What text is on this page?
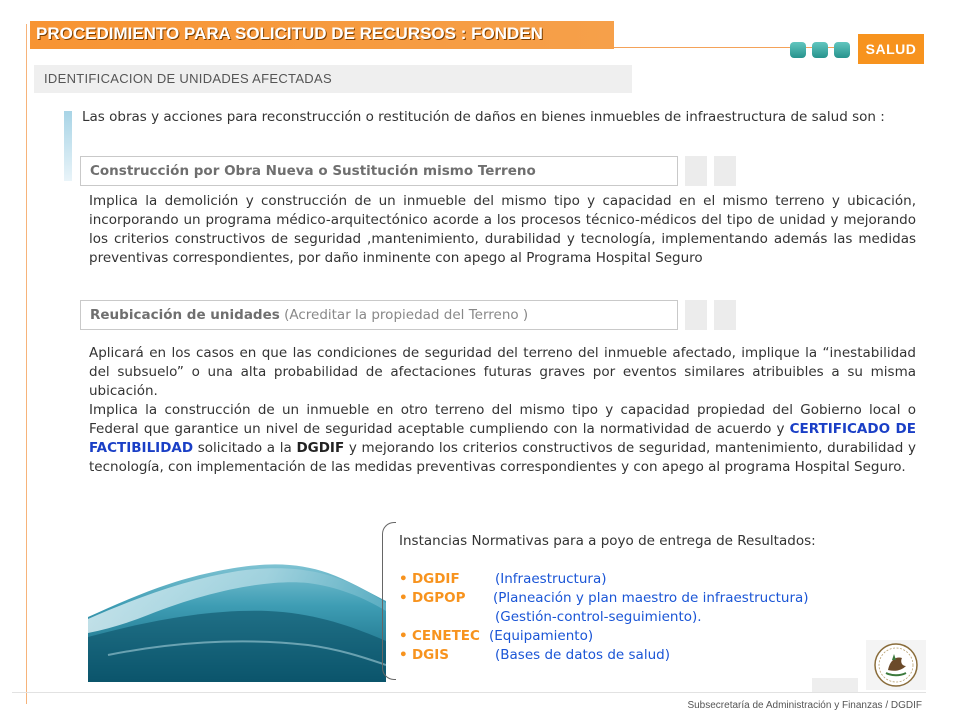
PROCEDIMIENTO PARA SOLICITUD DE RECURSOS : FONDEN
SALUD
IDENTIFICACION DE UNIDADES AFECTADAS
Las obras y acciones para reconstrucción o restitución de daños en bienes inmuebles de infraestructura de salud son :
Construcción por Obra Nueva o Sustitución mismo Terreno
Implica la demolición y construcción de un inmueble del mismo tipo y capacidad en el mismo terreno y ubicación, incorporando un programa médico-arquitectónico acorde a los procesos técnico-médicos del tipo de unidad y mejorando los criterios constructivos de seguridad ,mantenimiento, durabilidad y tecnología, implementando además las medidas preventivas correspondientes, por daño inminente con apego al Programa Hospital Seguro
Reubicación de unidades (Acreditar la propiedad del Terreno )
Aplicará en los casos en que las condiciones de seguridad del terreno del inmueble afectado, implique la “inestabilidad del subsuelo” o una alta probabilidad de afectaciones futuras graves por eventos similares atribuibles a su misma ubicación.
Implica la construcción de un inmueble en otro terreno del mismo tipo y capacidad propiedad del Gobierno local o Federal que garantice un nivel de seguridad aceptable cumpliendo con la normatividad de acuerdo y CERTIFICADO DE FACTIBILIDAD solicitado a la DGDIF y mejorando los criterios constructivos de seguridad, mantenimiento, durabilidad y tecnología, con implementación de las medidas preventivas correspondientes y con apego al programa Hospital Seguro.
Instancias Normativas para a poyo de entrega de Resultados:
• DGDIF	(Infraestructura)
• DGPOP (Planeación y plan maestro de infraestructura)
(Gestión-control-seguimiento).
• CENETEC (Equipamiento)
• DGIS	(Bases de datos de salud)
Subsecretaría de Administración y Finanzas / DGDIF
